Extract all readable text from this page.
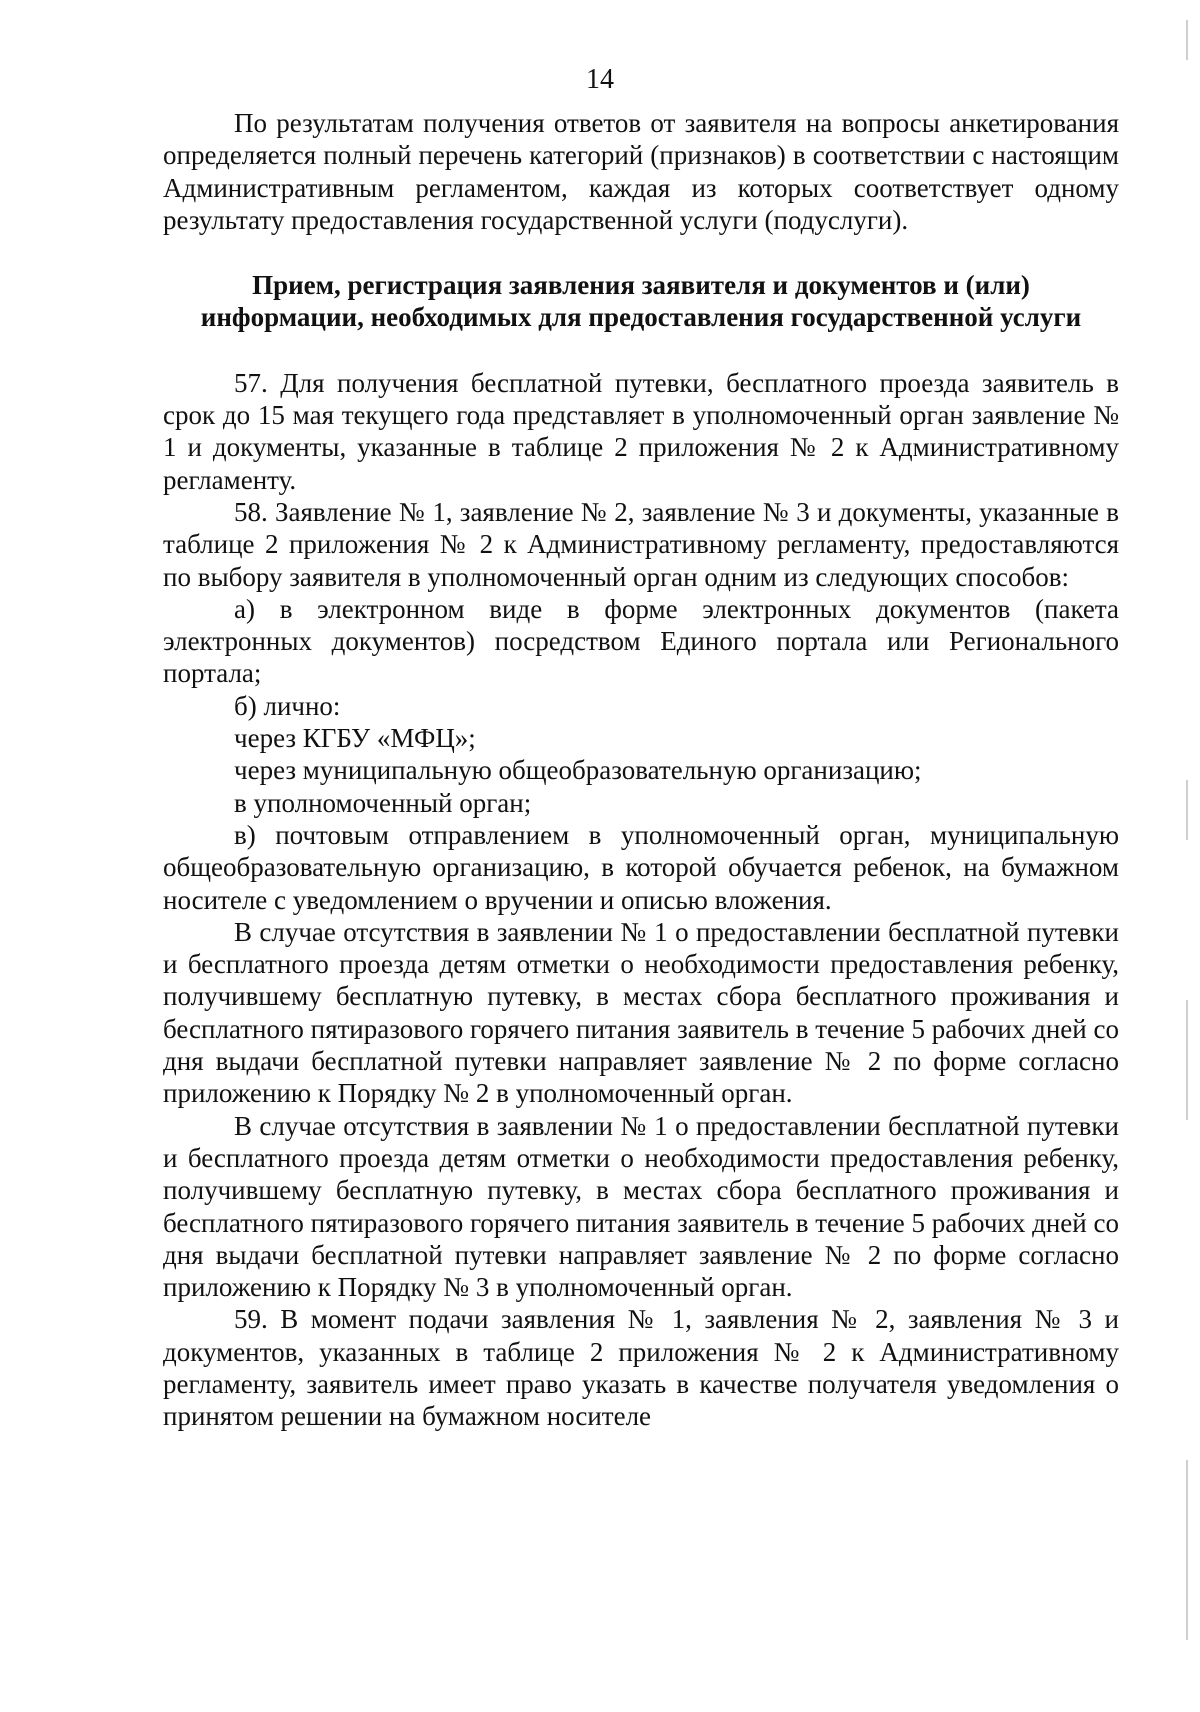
14

По результатам получения ответов от заявителя на вопросы анкетирования определяется полный перечень категорий (признаков) в соответствии с настоящим Административным регламентом, каждая из которых соответствует одному результату предоставления государственной услуги (подуслуги).

Прием, регистрация заявления заявителя и документов и (или)
информации, необходимых для предоставления государственной услуги

57. Для получения бесплатной путевки, бесплатного проезда заявитель в срок до 15 мая текущего года представляет в уполномоченный орган заявление № 1 и документы, указанные в таблице 2 приложения № 2 к Административному регламенту.

58. Заявление № 1, заявление № 2, заявление № 3 и документы, указанные в таблице 2 приложения № 2 к Административному регламенту, предоставляются по выбору заявителя в уполномоченный орган одним из следующих способов:

а) в электронном виде в форме электронных документов (пакета электронных документов) посредством Единого портала или Регионального портала;

б) лично:

через КГБУ «МФЦ»;

через муниципальную общеобразовательную организацию;

в уполномоченный орган;

в) почтовым отправлением в уполномоченный орган, муниципальную общеобразовательную организацию, в которой обучается ребенок, на бумажном носителе с уведомлением о вручении и описью вложения.

В случае отсутствия в заявлении № 1 о предоставлении бесплатной путевки и бесплатного проезда детям отметки о необходимости предоставления ребенку, получившему бесплатную путевку, в местах сбора бесплатного проживания и бесплатного пятиразового горячего питания заявитель в течение 5 рабочих дней со дня выдачи бесплатной путевки направляет заявление № 2 по форме согласно приложению к Порядку № 2 в уполномоченный орган.

В случае отсутствия в заявлении № 1 о предоставлении бесплатной путевки и бесплатного проезда детям отметки о необходимости предоставления ребенку, получившему бесплатную путевку, в местах сбора бесплатного проживания и бесплатного пятиразового горячего питания заявитель в течение 5 рабочих дней со дня выдачи бесплатной путевки направляет заявление № 2 по форме согласно приложению к Порядку № 3 в уполномоченный орган.

59. В момент подачи заявления № 1, заявления № 2, заявления № 3 и документов, указанных в таблице 2 приложения № 2 к Административному регламенту, заявитель имеет право указать в качестве получателя уведомления о принятом решении на бумажном носителе
